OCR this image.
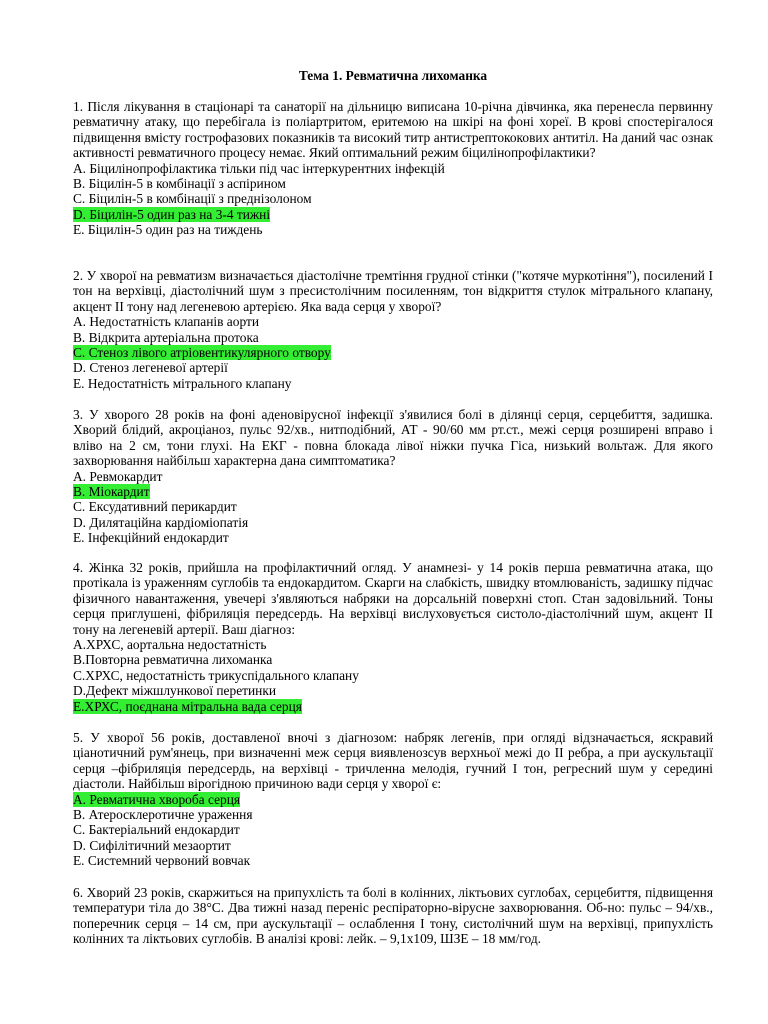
Тема 1. Ревматична лихоманка
1. Після лікування в стаціонарі та санаторії на дільницю виписана 10-річна дівчинка, яка перенесла первинну ревматичну атаку, що перебігала із поліартритом, еритемою на шкірі на фоні хореї. В крові спостерігалося підвищення вмісту гострофазових показників та високий титр антистрептококових антитіл. На даний час ознак активності ревматичного процесу немає. Який оптимальний режим біцилінопрофілактики?
A. Біцилінопрофілактика тільки під час інтеркурентних інфекцій
B. Біцилін-5 в комбінації з аспірином
C. Біцилін-5 в комбінації з преднізолоном
D. Біцилін-5 один раз на 3-4 тижні
E. Біцилін-5 один раз на тиждень
2. У хворої на ревматизм визначається діастолічне тремтіння грудної стінки ("котяче муркотіння"), посилений І тон на верхівці, діастолічний шум з пресистолічним посиленням, тон відкриття стулок мітрального клапану, акцент ІІ тону над легеневою артерією. Яка вада серця у хворої?
A. Недостатність клапанів аорти
B. Відкрита артеріальна протока
C. Стеноз лівого атріовентикулярного отвору
D. Стеноз легеневої артерії
E. Недостатність мітрального клапану
3. У хворого 28 років на фоні аденовірусної інфекції з'явилися болі в ділянці серця, серцебиття, задишка. Хворий блідий, акроціаноз, пульс 92/хв., нитподібний, АТ - 90/60 мм рт.ст., межі серця розширені вправо і вліво на 2 см, тони глухі. На ЕКГ - повна блокада лівої ніжки пучка Гіса, низький вольтаж. Для якого захворювання найбільш характерна дана симптоматика?
A. Ревмокардит
B. Міокардит
C. Ексудативний перикардит
D. Дилятаційна кардіоміопатія
E. Інфекційний ендокардит
4. Жінка 32 років, прийшла на профілактичний огляд. У анамнезі- у 14 років перша ревматична атака, що протікала із ураженням суглобів та ендокардитом. Скарги на слабкість, швидку втомлюваність, задишку підчас фізичного навантаження, увечері з'являються набряки на дорсальній поверхні стоп. Стан задовільний. Тоны серця приглушені, фібриляція передсердь. На верхівці вислуховується систоло-діастолічний шум, акцент ІІ тону на легеневій артерії. Ваш діагноз:
А.ХРХС, аортальна недостатність
В.Повторна ревматична лихоманка
С.ХРХС, недостатність трикуспідального клапану
D.Дефект міжшлункової перетинки
Е.ХРХС, поєднана мітральна вада серця
5. У хворої 56 років, доставленої вночі з діагнозом: набряк легенів, при огляді відзначається, яскравий ціанотичний рум'янець, при визначенні меж серця виявленозсув верхньої межі до ІІ ребра, а при аускультації серця –фібриляція передсердь, на верхівці - тричленна мелодія, гучний І тон, регресний шум у середині діастоли. Найбільш вірогідною причиною вади серця у хворої є:
А. Ревматична хвороба серця
В. Атеросклеротичне ураження
С. Бактеріальний ендокардит
D. Сифілітичний мезаортит
Е. Системний червоний вовчак
6. Хворий 23 років, скаржиться на припухлість та болі в колінних, ліктьових суглобах, серцебиття, підвищення температури тіла до 38°С. Два тижні назад переніс респіраторно-вірусне захворювання. Об-но: пульс – 94/хв., поперечник серця – 14 см, при аускультації – ослаблення І тону, систолічний шум на верхівці, припухлість колінних та ліктьових суглобів. В аналізі крові: лейк. – 9,1х109, ШЗЕ – 18 мм/год.
